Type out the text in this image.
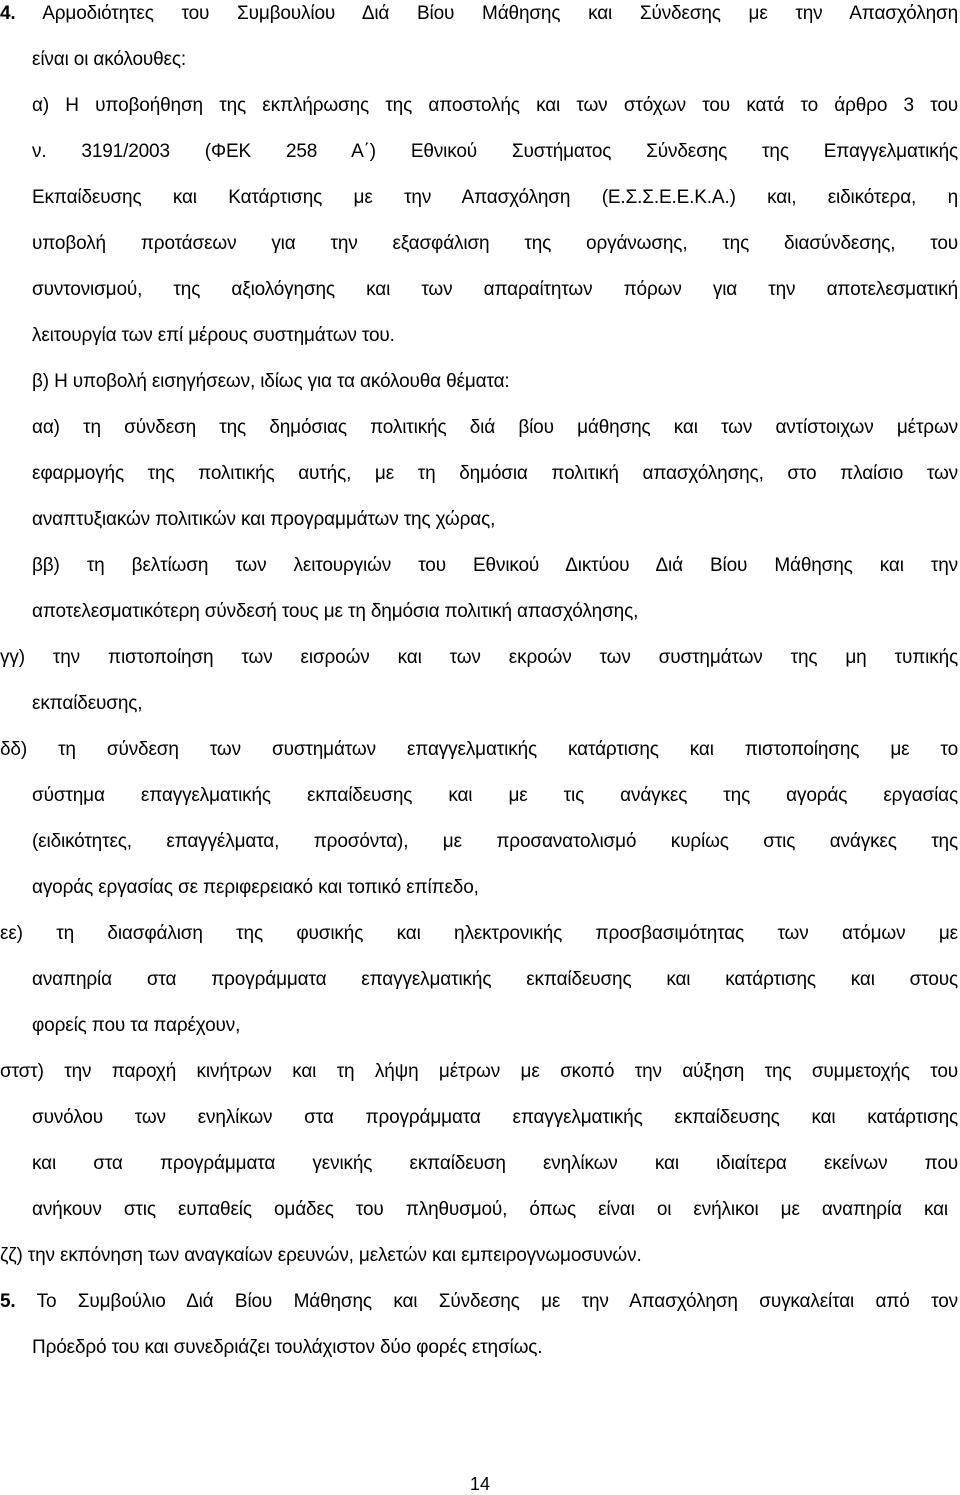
4. Αρμοδιότητες του Συμβουλίου Διά Βίου Μάθησης και Σύνδεσης με την Απασχόληση
είναι οι ακόλουθες:
α) Η υποβοήθηση της εκπλήρωσης της αποστολής και των στόχων του κατά το άρθρο 3 του
ν. 3191/2003 (ΦΕΚ 258 Α΄) Εθνικού Συστήματος Σύνδεσης της Επαγγελματικής
Εκπαίδευσης και Κατάρτισης με την Απασχόληση (Ε.Σ.Σ.Ε.Ε.Κ.Α.) και, ειδικότερα, η
υποβολή προτάσεων για την εξασφάλιση της οργάνωσης, της διασύνδεσης, του
συντονισμού, της αξιολόγησης και των απαραίτητων πόρων για την αποτελεσματική
λειτουργία των επί μέρους συστημάτων του.
β) Η υποβολή εισηγήσεων, ιδίως για τα ακόλουθα θέματα:
αα) τη σύνδεση της δημόσιας πολιτικής διά βίου μάθησης και των αντίστοιχων μέτρων
εφαρμογής της πολιτικής αυτής, με τη δημόσια πολιτική απασχόλησης, στο πλαίσιο των
αναπτυξιακών πολιτικών και προγραμμάτων της χώρας,
ββ) τη βελτίωση των λειτουργιών του Εθνικού Δικτύου Διά Βίου Μάθησης και την
αποτελεσματικότερη σύνδεσή τους με τη δημόσια πολιτική απασχόλησης,
γγ) την πιστοποίηση των εισροών και των εκροών των συστημάτων της μη τυπικής
εκπαίδευσης,
δδ) τη σύνδεση των συστημάτων επαγγελματικής κατάρτισης και πιστοποίησης με το
σύστημα επαγγελματικής εκπαίδευσης και με τις ανάγκες της αγοράς εργασίας
(ειδικότητες, επαγγέλματα, προσόντα), με προσανατολισμό κυρίως στις ανάγκες της
αγοράς εργασίας σε περιφερειακό και τοπικό επίπεδο,
εε) τη διασφάλιση της φυσικής και ηλεκτρονικής προσβασιμότητας των ατόμων με
αναπηρία στα προγράμματα επαγγελματικής εκπαίδευσης και κατάρτισης και στους
φορείς που τα παρέχουν,
στστ) την παροχή κινήτρων και τη λήψη μέτρων με σκοπό την αύξηση της συμμετοχής του
συνόλου των ενηλίκων στα προγράμματα επαγγελματικής εκπαίδευσης και κατάρτισης
και στα προγράμματα γενικής εκπαίδευση ενηλίκων και ιδιαίτερα εκείνων που
ανήκουν στις ευπαθείς ομάδες του πληθυσμού, όπως είναι οι ενήλικοι με αναπηρία και
ζζ) την εκπόνηση των αναγκαίων ερευνών, μελετών και εμπειρογνωμοσυνών.
5. Το Συμβούλιο Διά Βίου Μάθησης και Σύνδεσης με την Απασχόληση συγκαλείται από τον
Πρόεδρό του και συνεδριάζει τουλάχιστον δύο φορές ετησίως.
14
